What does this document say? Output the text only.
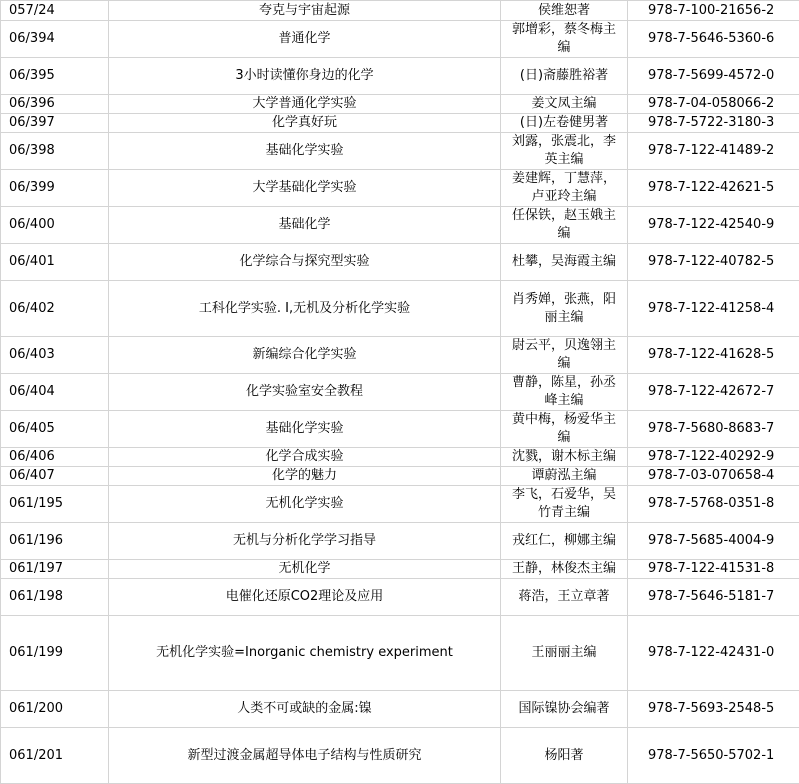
057/24	夸克与宇宙起源	侯维恕著	978-7-100-21656-2
06/394	普通化学	郭增彩，蔡冬梅主编	978-7-5646-5360-6
06/395	3小时读懂你身边的化学	(日)斋藤胜裕著	978-7-5699-4572-0
06/396	大学普通化学实验	姜文凤主编	978-7-04-058066-2
06/397	化学真好玩	(日)左卷健男著	978-7-5722-3180-3
06/398	基础化学实验	刘露，张震北，李英主编	978-7-122-41489-2
06/399	大学基础化学实验	姜建辉，丁慧萍，卢亚玲主编	978-7-122-42621-5
06/400	基础化学	任保铁，赵玉娥主编	978-7-122-42540-9
06/401	化学综合与探究型实验	杜攀，吴海霞主编	978-7-122-40782-5
06/402	工科化学实验. Ⅰ,无机及分析化学实验	肖秀婵，张燕，阳丽主编	978-7-122-41258-4
06/403	新编综合化学实验	尉云平，贝逸翎主编	978-7-122-41628-5
06/404	化学实验室安全教程	曹静，陈星，孙丞峰主编	978-7-122-42672-7
06/405	基础化学实验	黄中梅，杨爱华主编	978-7-5680-8683-7
06/406	化学合成实验	沈戮，谢木标主编	978-7-122-40292-9
06/407	化学的魅力	谭蔚泓主编	978-7-03-070658-4
061/195	无机化学实验	李飞，石爱华，吴竹青主编	978-7-5768-0351-8
061/196	无机与分析化学学习指导	戎红仁，柳娜主编	978-7-5685-4004-9
061/197	无机化学	王静，林俊杰主编	978-7-122-41531-8
061/198	电催化还原CO2理论及应用	蒋浩，王立章著	978-7-5646-5181-7
061/199	无机化学实验=Inorganic chemistry experiment	王丽丽主编	978-7-122-42431-0
061/200	人类不可或缺的金属:镍	国际镍协会编著	978-7-5693-2548-5
061/201	新型过渡金属超导体电子结构与性质研究	杨阳著	978-7-5650-5702-1
